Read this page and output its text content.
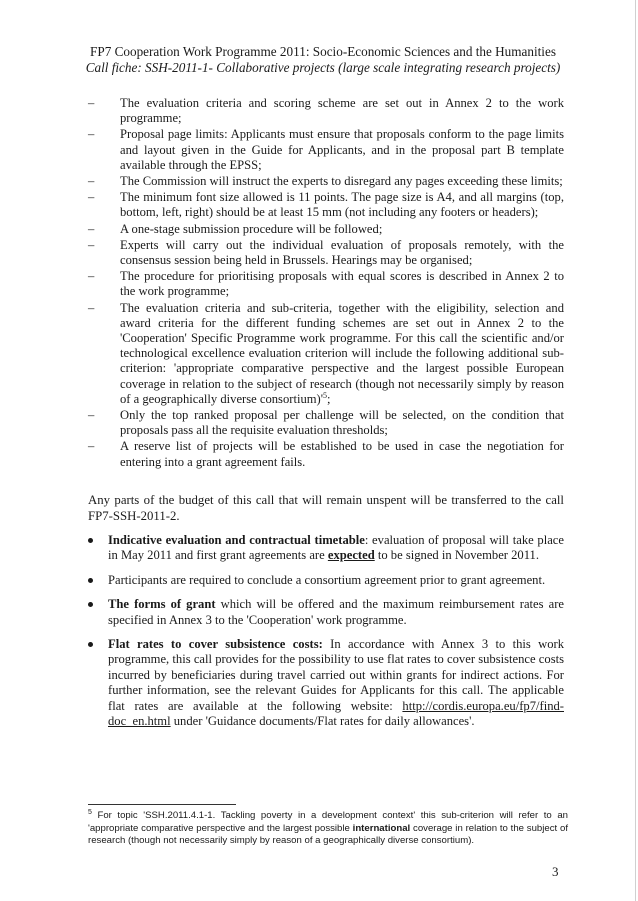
FP7 Cooperation Work Programme 2011: Socio-Economic Sciences and the Humanities
Call fiche: SSH-2011-1- Collaborative projects (large scale integrating research projects)
– The evaluation criteria and scoring scheme are set out in Annex 2 to the work programme;
– Proposal page limits: Applicants must ensure that proposals conform to the page limits and layout given in the Guide for Applicants, and in the proposal part B template available through the EPSS;
– The Commission will instruct the experts to disregard any pages exceeding these limits;
– The minimum font size allowed is 11 points. The page size is A4, and all margins (top, bottom, left, right) should be at least 15 mm (not including any footers or headers);
– A one-stage submission procedure will be followed;
– Experts will carry out the individual evaluation of proposals remotely, with the consensus session being held in Brussels. Hearings may be organised;
– The procedure for prioritising proposals with equal scores is described in Annex 2 to the work programme;
– The evaluation criteria and sub-criteria, together with the eligibility, selection and award criteria for the different funding schemes are set out in Annex 2 to the 'Cooperation' Specific Programme work programme. For this call the scientific and/or technological excellence evaluation criterion will include the following additional sub-criterion: 'appropriate comparative perspective and the largest possible European coverage in relation to the subject of research (though not necessarily simply by reason of a geographically diverse $consortium)'^5$;
– Only the top ranked proposal per challenge will be selected, on the condition that proposals pass all the requisite evaluation thresholds;
– A reserve list of projects will be established to be used in case the negotiation for entering into a grant agreement fails.
Any parts of the budget of this call that will remain unspent will be transferred to the call FP7-SSH-2011-2.
Indicative evaluation and contractual timetable: evaluation of proposal will take place in May 2011 and first grant agreements are expected to be signed in November 2011.
Participants are required to conclude a consortium agreement prior to grant agreement.
The forms of grant which will be offered and the maximum reimbursement rates are specified in Annex 3 to the 'Cooperation' work programme.
Flat rates to cover subsistence costs: In accordance with Annex 3 to this work programme, this call provides for the possibility to use flat rates to cover subsistence costs incurred by beneficiaries during travel carried out within grants for indirect actions. For further information, see the relevant Guides for Applicants for this call. The applicable flat rates are available at the following website: http://cordis.europa.eu/fp7/find-doc_en.html under 'Guidance documents/Flat rates for daily allowances'.
$^5$ For topic 'SSH.2011.4.1-1. Tackling poverty in a development context' this sub-criterion will refer to an 'appropriate comparative perspective and the largest possible international coverage in relation to the subject of research (though not necessarily simply by reason of a geographically diverse consortium).
3
